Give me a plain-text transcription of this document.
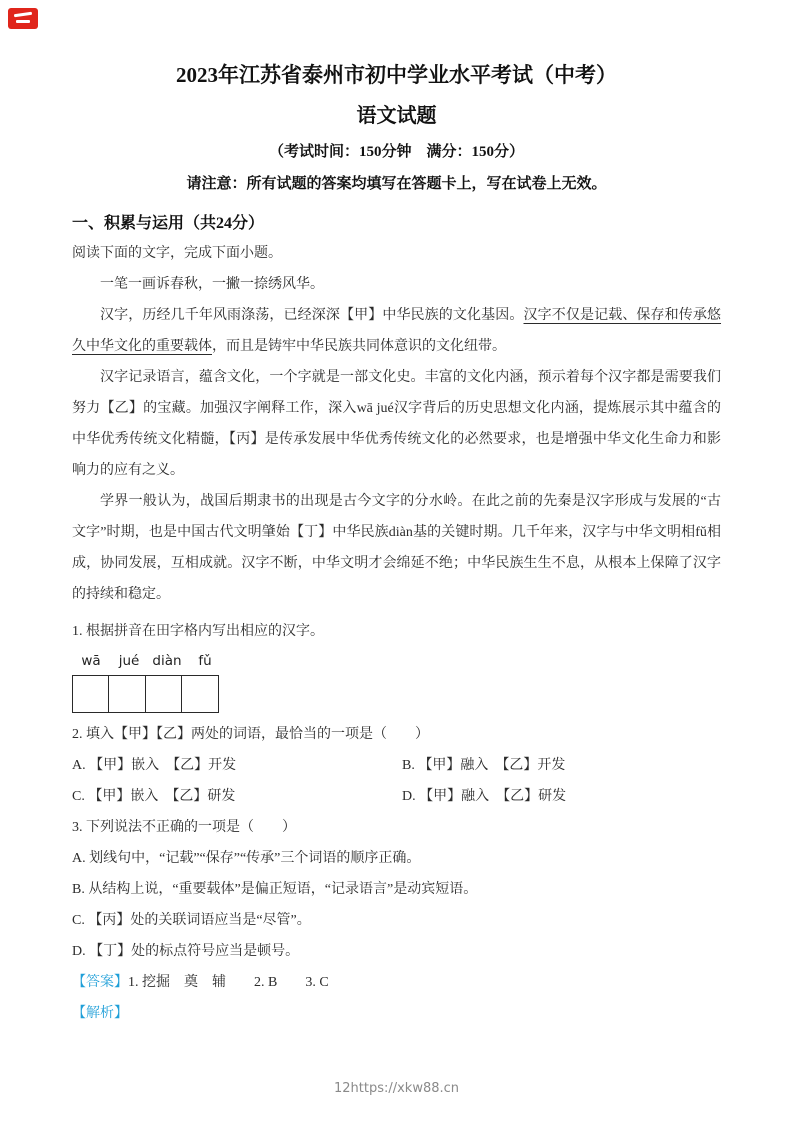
2023年江苏省泰州市初中学业水平考试（中考）
语文试题
（考试时间：150分钟　满分：150分）
请注意：所有试题的答案均填写在答题卡上，写在试卷上无效。
一、积累与运用（共24分）

阅读下面的文字，完成下面小题。

一笔一画诉春秋，一撇一捺绣风华。

汉字，历经几千年风雨涤荡，已经深深【甲】中华民族的文化基因。汉字不仅是记载、保存和传承悠久中华文化的重要载体，而且是铸牢中华民族共同体意识的文化纽带。

汉字记录语言，蕴含文化，一个字就是一部文化史。丰富的文化内涵，预示着每个汉字都是需要我们努力【乙】的宝藏。加强汉字阐释工作，深入wā jué汉字背后的历史思想文化内涵，提炼展示其中蕴含的中华优秀传统文化精髓，【丙】是传承发展中华优秀传统文化的必然要求，也是增强中华文化生命力和影响力的应有之义。

学界一般认为，战国后期隶书的出现是古今文字的分水岭。在此之前的先秦是汉字形成与发展的“古文字”时期，也是中国古代文明肇始【丁】中华民族diàn基的关键时期。几千年来，汉字与中华文明相fǔ相成，协同发展，互相成就。汉字不断，中华文明才会绵延不绝；中华民族生生不息，从根本上保障了汉字的持续和稳定。

1. 根据拼音在田字格内写出相应的汉字。

wā	jué diàn	fǔ

2. 填入【甲】【乙】两处的词语，最恰当的一项是（　　）

A. 【甲】嵌入　【乙】开发	B. 【甲】融入　【乙】开发
C. 【甲】嵌入　【乙】研发	D. 【甲】融入　【乙】研发

3. 下列说法不正确的一项是（　　）

A. 划线句中，“记载”“保存”“传承”三个词语的顺序正确。

B. 从结构上说，“重要载体”是偏正短语，“记录语言”是动宾短语。

C. 【丙】处的关联词语应当是“尽管”。

D. 【丁】处的标点符号应当是顿号。

【答案】1. 挖掘　奠　辅　　2. B　　3. C

【解析】

12https://xkw88.cn
